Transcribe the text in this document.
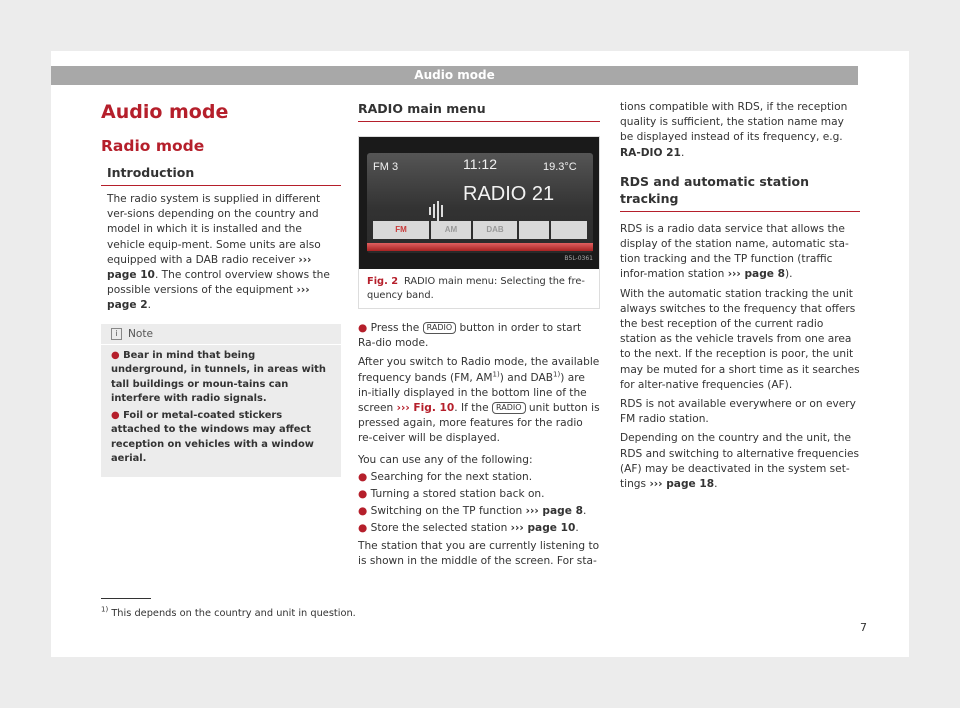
Audio mode
Audio mode
Radio mode
Introduction

The radio system is supplied in different ver-sions depending on the country and model in which it is installed and the vehicle equip-ment. Some units are also equipped with a DAB radio receiver ››› page 10. The control overview shows the possible versions of the equipment ››› page 2.

i Note
● Bear in mind that being underground, in tunnels, in areas with tall buildings or moun-tains can interfere with radio signals.
● Foil or metal-coated stickers attached to the windows may affect reception on vehicles with a window aerial.
RADIO main menu
FM 3	11:12	19.3°C
RADIO 21
FM	AM	DAB
B5L-0361
Fig. 2 RADIO main menu: Selecting the fre-quency band.

● Press the RADIO button in order to start Ra-dio mode.

After you switch to Radio mode, the available frequency bands (FM, AM$^{1)}$) and DAB$^{1)}$) are in-itially displayed in the bottom line of the screen ››› Fig. 10. If the RADIO unit button is pressed again, more features for the radio re-ceiver will be displayed.

You can use any of the following:

● Searching for the next station.
● Turning a stored station back on.
● Switching on the TP function ››› page 8.
● Store the selected station ››› page 10.

The station that you are currently listening to is shown in the middle of the screen. For sta-

tions compatible with RDS, if the reception quality is sufficient, the station name may be displayed instead of its frequency, e.g. RA-DIO 21.

RDS and automatic station tracking

RDS is a radio data service that allows the display of the station name, automatic sta-tion tracking and the TP function (traffic infor-mation station ››› page 8).

With the automatic station tracking the unit always switches to the frequency that offers the best reception of the current radio station as the vehicle travels from one area to the next. If the reception is poor, the unit may be muted for a short time as it searches for alter-native frequencies (AF).

RDS is not available everywhere or on every FM radio station.

Depending on the country and the unit, the RDS and switching to alternative frequencies (AF) may be deactivated in the system set-tings ››› page 18.

$^{1)}$ This depends on the country and unit in question.
7
